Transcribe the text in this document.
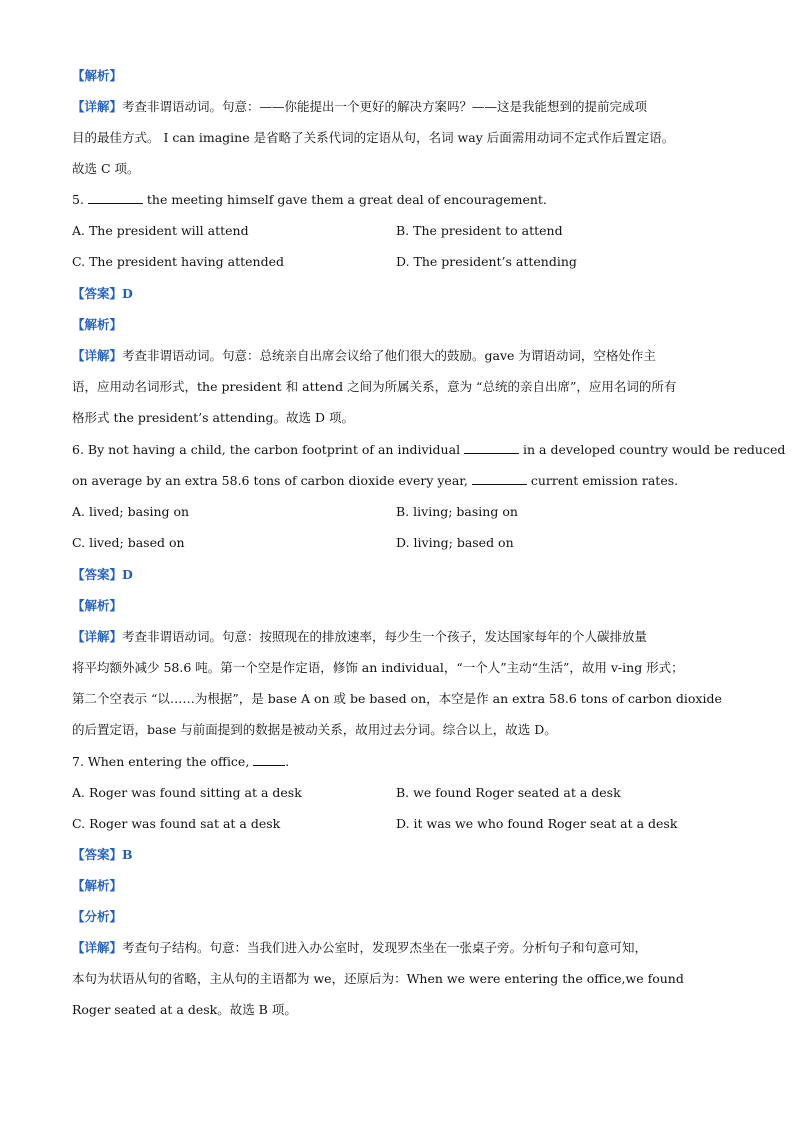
【解析】
【详解】考查非谓语动词。句意：——你能提出一个更好的解决方案吗？——这是我能想到的提前完成项
目的最佳方式。 I can imagine 是省略了关系代词的定语从句，名词 way 后面需用动词不定式作后置定语。
故选 C 项。
5.	the meeting himself gave them a great deal of encouragement.
A. The president will attend	B. The president to attend
C. The president having attended	D. The president’s attending
【答案】D
【解析】
【详解】考查非谓语动词。句意：总统亲自出席会议给了他们很大的鼓励。gave 为谓语动词，空格处作主
语，应用动名词形式，the president 和 attend 之间为所属关系，意为 “总统的亲自出席”，应用名词的所有
格形式 the president’s attending。故选 D 项。
6. By not having a child, the carbon footprint of an individual	in a developed country would be reduced
on average by an extra 58.6 tons of carbon dioxide every year,	current emission rates.
A. lived; basing on	B. living; basing on
C. lived; based on	D. living; based on
【答案】D
【解析】
【详解】考查非谓语动词。句意：按照现在的排放速率，每少生一个孩子，发达国家每年的个人碳排放量
将平均额外减少 58.6 吨。第一个空是作定语，修饰 an individual，“一个人”主动“生活”，故用 v-ing 形式；
第二个空表示 “以……为根据”，是 base A on 或 be based on，本空是作 an extra 58.6 tons of carbon dioxide
的后置定语，base 与前面提到的数据是被动关系，故用过去分词。综合以上，故选 D。
7. When entering the office,	.
A. Roger was found sitting at a desk	B. we found Roger seated at a desk
C. Roger was found sat at a desk	D. it was we who found Roger seat at a desk
【答案】B
【解析】
【分析】
【详解】考查句子结构。句意：当我们进入办公室时，发现罗杰坐在一张桌子旁。分析句子和句意可知，
本句为状语从句的省略，主从句的主语都为 we，还原后为：When we were entering the office,we found
Roger seated at a desk。故选 B 项。
